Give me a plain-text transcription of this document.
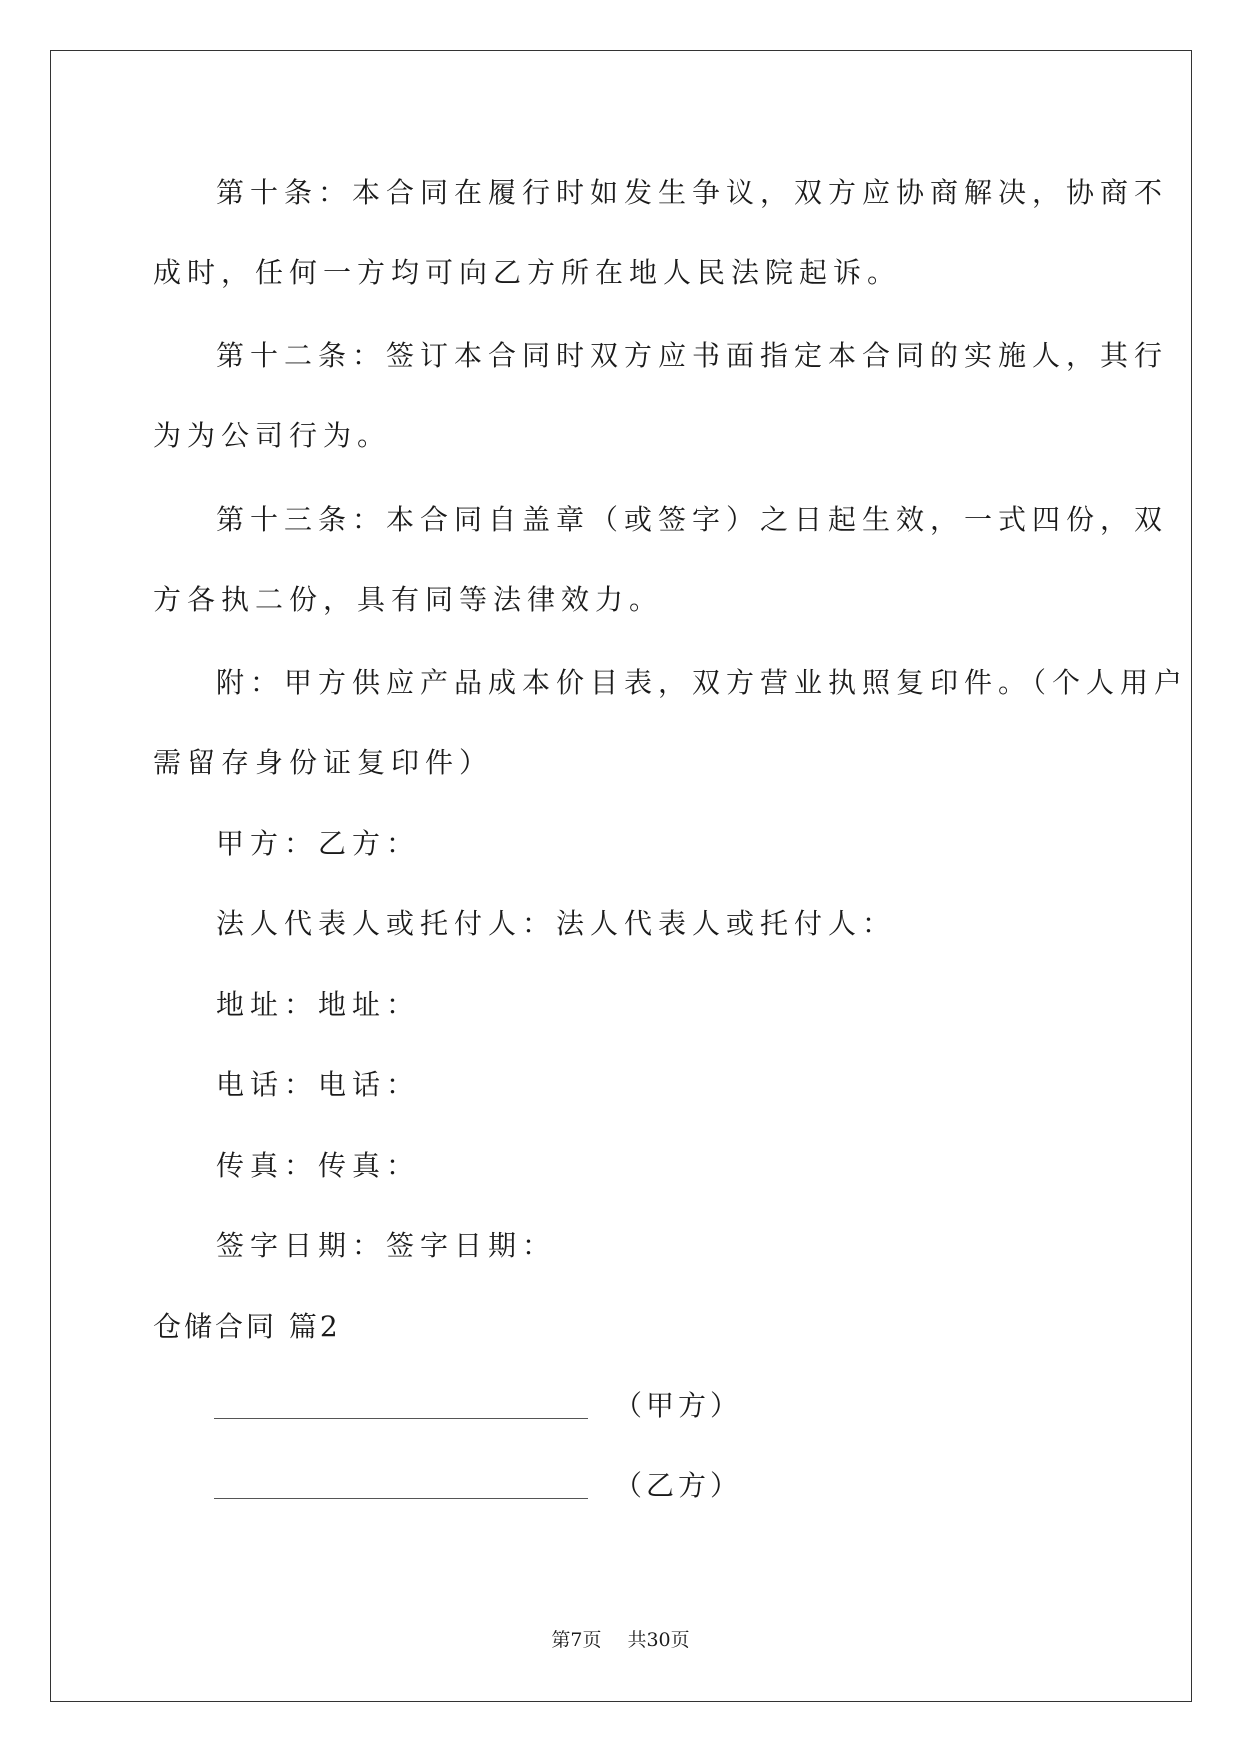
第十条：本合同在履行时如发生争议，双方应协商解决，协商不
成时，任何一方均可向乙方所在地人民法院起诉。
第十二条：签订本合同时双方应书面指定本合同的实施人，其行
为为公司行为。
第十三条：本合同自盖章（或签字）之日起生效，一式四份，双
方各执二份，具有同等法律效力。
附：甲方供应产品成本价目表，双方营业执照复印件。（个人用户
需留存身份证复印件）
甲方：乙方：
法人代表人或托付人：法人代表人或托付人：
地址：地址：
电话：电话：
传真：传真：
签字日期：签字日期：
仓储合同 篇2
（甲方）
（乙方）
第7页 共30页
